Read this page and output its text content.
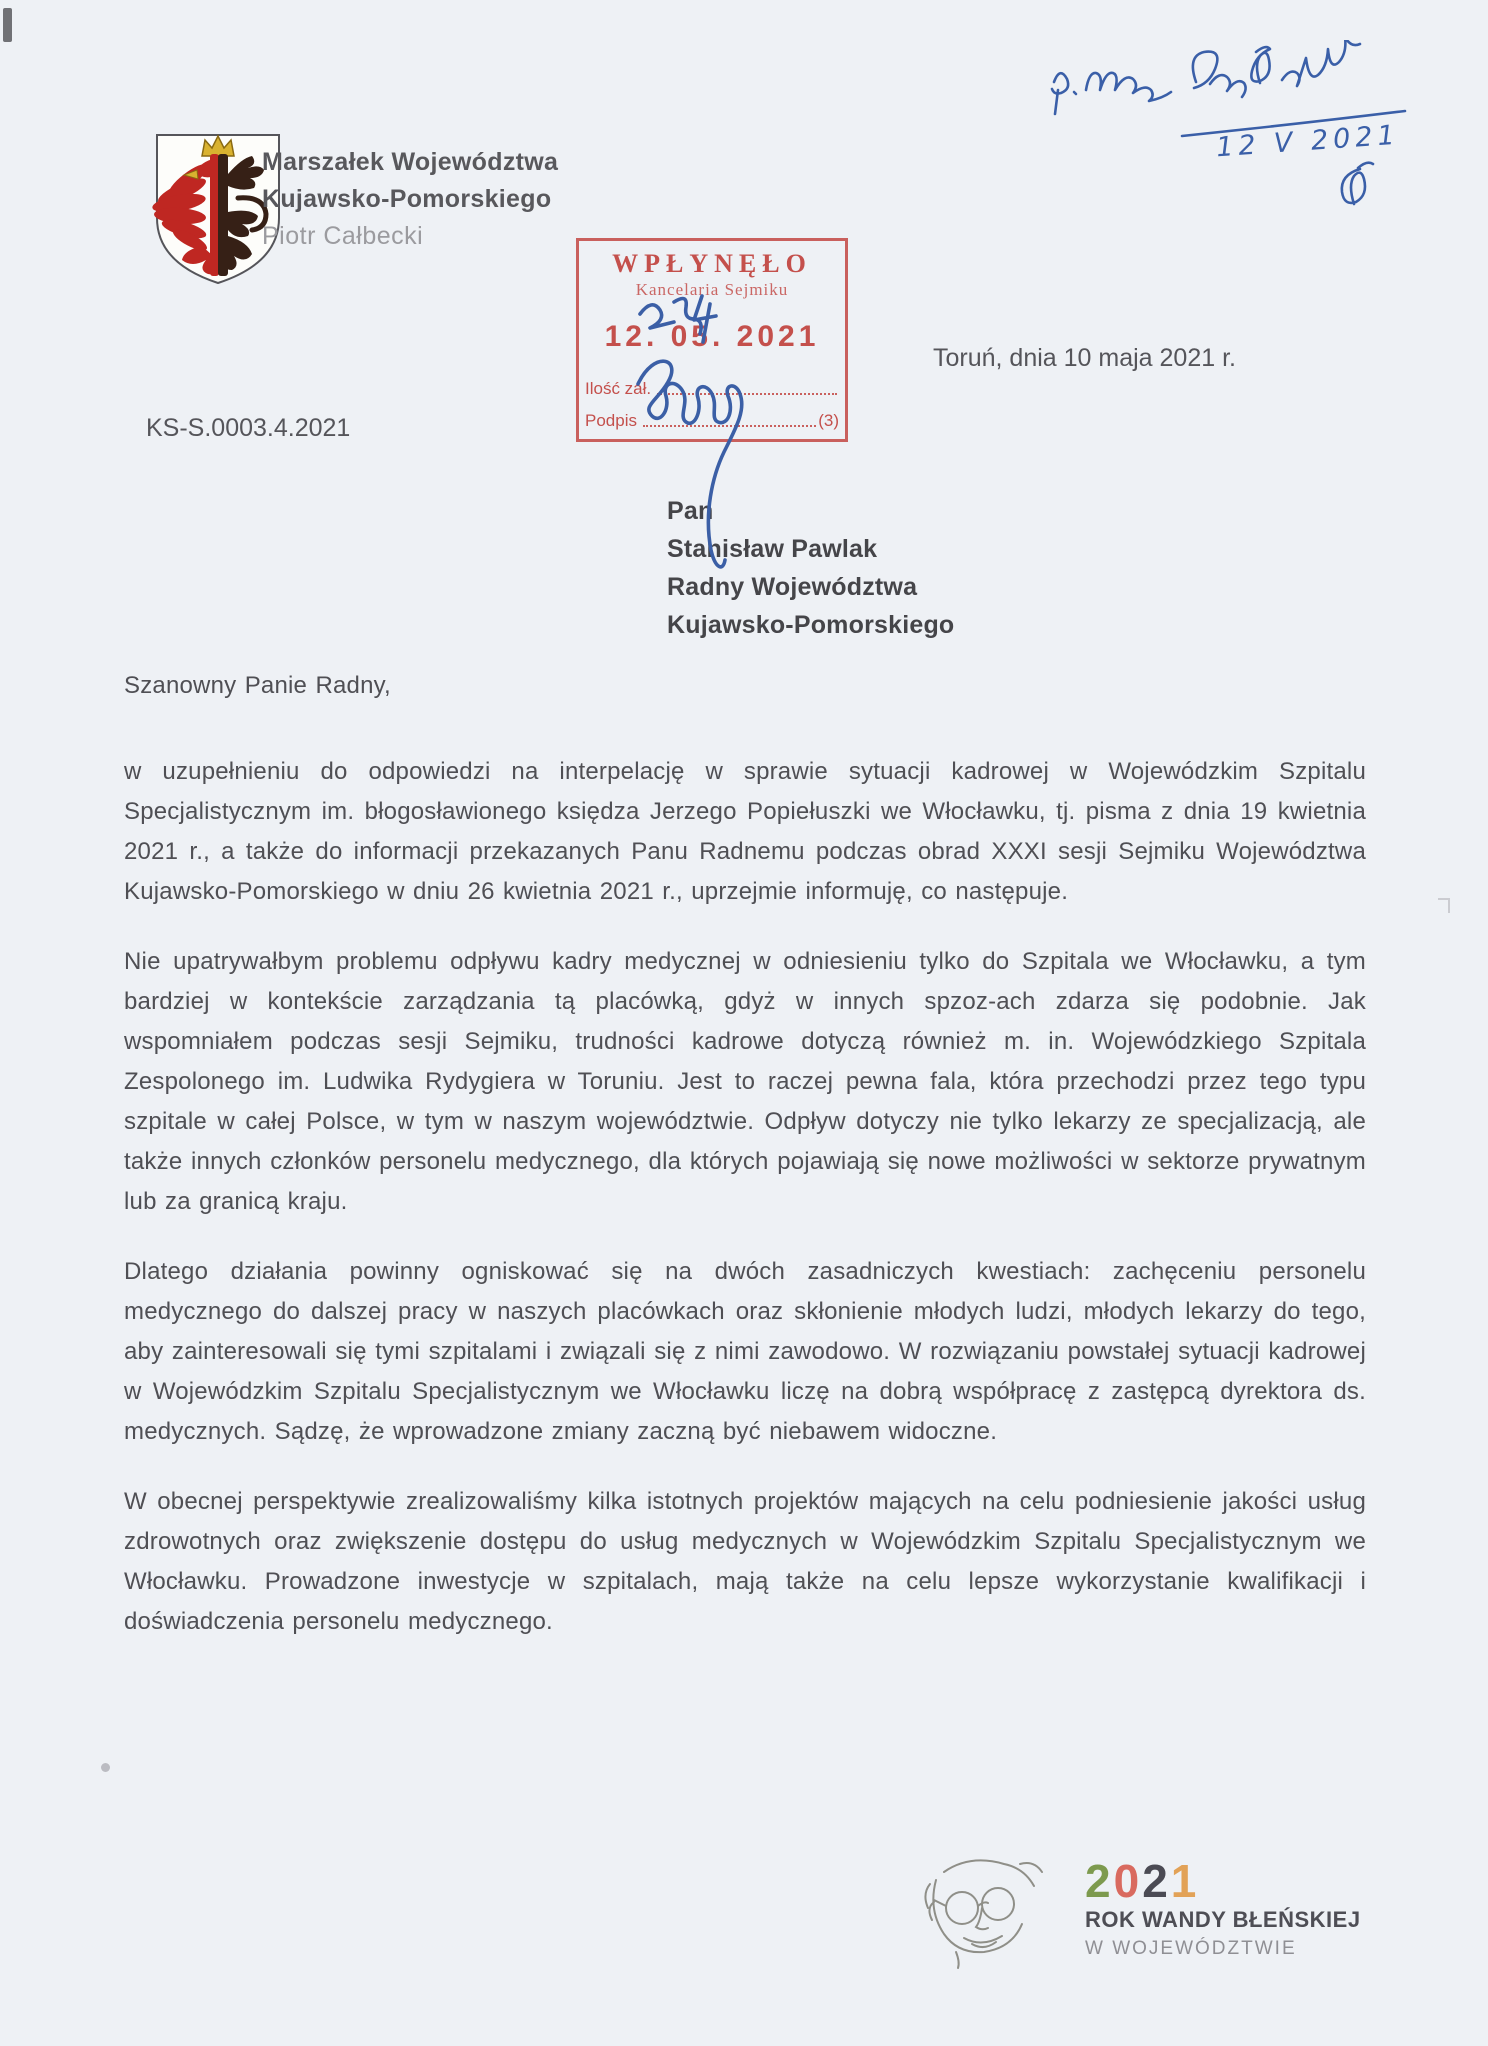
12 V 2021
Marszałek Województwa
Kujawsko-Pomorskiego
Piotr Całbecki
WPŁYNĘŁO
Kancelaria Sejmiku
12. 05. 2021
Ilość zał.
Podpis	(3)
Toruń, dnia 10 maja 2021 r.
KS-S.0003.4.2021
Pan
Stanisław Pawlak
Radny Województwa
Kujawsko-Pomorskiego
Szanowny Panie Radny,

w uzupełnieniu do odpowiedzi na interpelację w sprawie sytuacji kadrowej w Wojewódzkim Szpitalu Specjalistycznym im. błogosławionego księdza Jerzego Popiełuszki we Włocławku, tj. pisma z dnia 19 kwietnia 2021 r., a także do informacji przekazanych Panu Radnemu podczas obrad XXXI sesji Sejmiku Województwa Kujawsko-Pomorskiego w dniu 26 kwietnia 2021 r., uprzejmie informuję, co następuje.

Nie upatrywałbym problemu odpływu kadry medycznej w odniesieniu tylko do Szpitala we Włocławku, a tym bardziej w kontekście zarządzania tą placówką, gdyż w innych spzoz-ach zdarza się podobnie. Jak wspomniałem podczas sesji Sejmiku, trudności kadrowe dotyczą również m. in. Wojewódzkiego Szpitala Zespolonego im. Ludwika Rydygiera w Toruniu. Jest to raczej pewna fala, która przechodzi przez tego typu szpitale w całej Polsce, w tym w naszym województwie. Odpływ dotyczy nie tylko lekarzy ze specjalizacją, ale także innych członków personelu medycznego, dla których pojawiają się nowe możliwości w sektorze prywatnym lub za granicą kraju.

Dlatego działania powinny ogniskować się na dwóch zasadniczych kwestiach: zachęceniu personelu medycznego do dalszej pracy w naszych placówkach oraz skłonienie młodych ludzi, młodych lekarzy do tego, aby zainteresowali się tymi szpitalami i związali się z nimi zawodowo. W rozwiązaniu powstałej sytuacji kadrowej w Wojewódzkim Szpitalu Specjalistycznym we Włocławku liczę na dobrą współpracę z zastępcą dyrektora ds. medycznych. Sądzę, że wprowadzone zmiany zaczną być niebawem widoczne.

W obecnej perspektywie zrealizowaliśmy kilka istotnych projektów mających na celu podniesienie jakości usług zdrowotnych oraz zwiększenie dostępu do usług medycznych w Wojewódzkim Szpitalu Specjalistycznym we Włocławku. Prowadzone inwestycje w szpitalach, mają także na celu lepsze wykorzystanie kwalifikacji i doświadczenia personelu medycznego.

2021
ROK WANDY BŁEŃSKIEJ
W WOJEWÓDZTWIE
